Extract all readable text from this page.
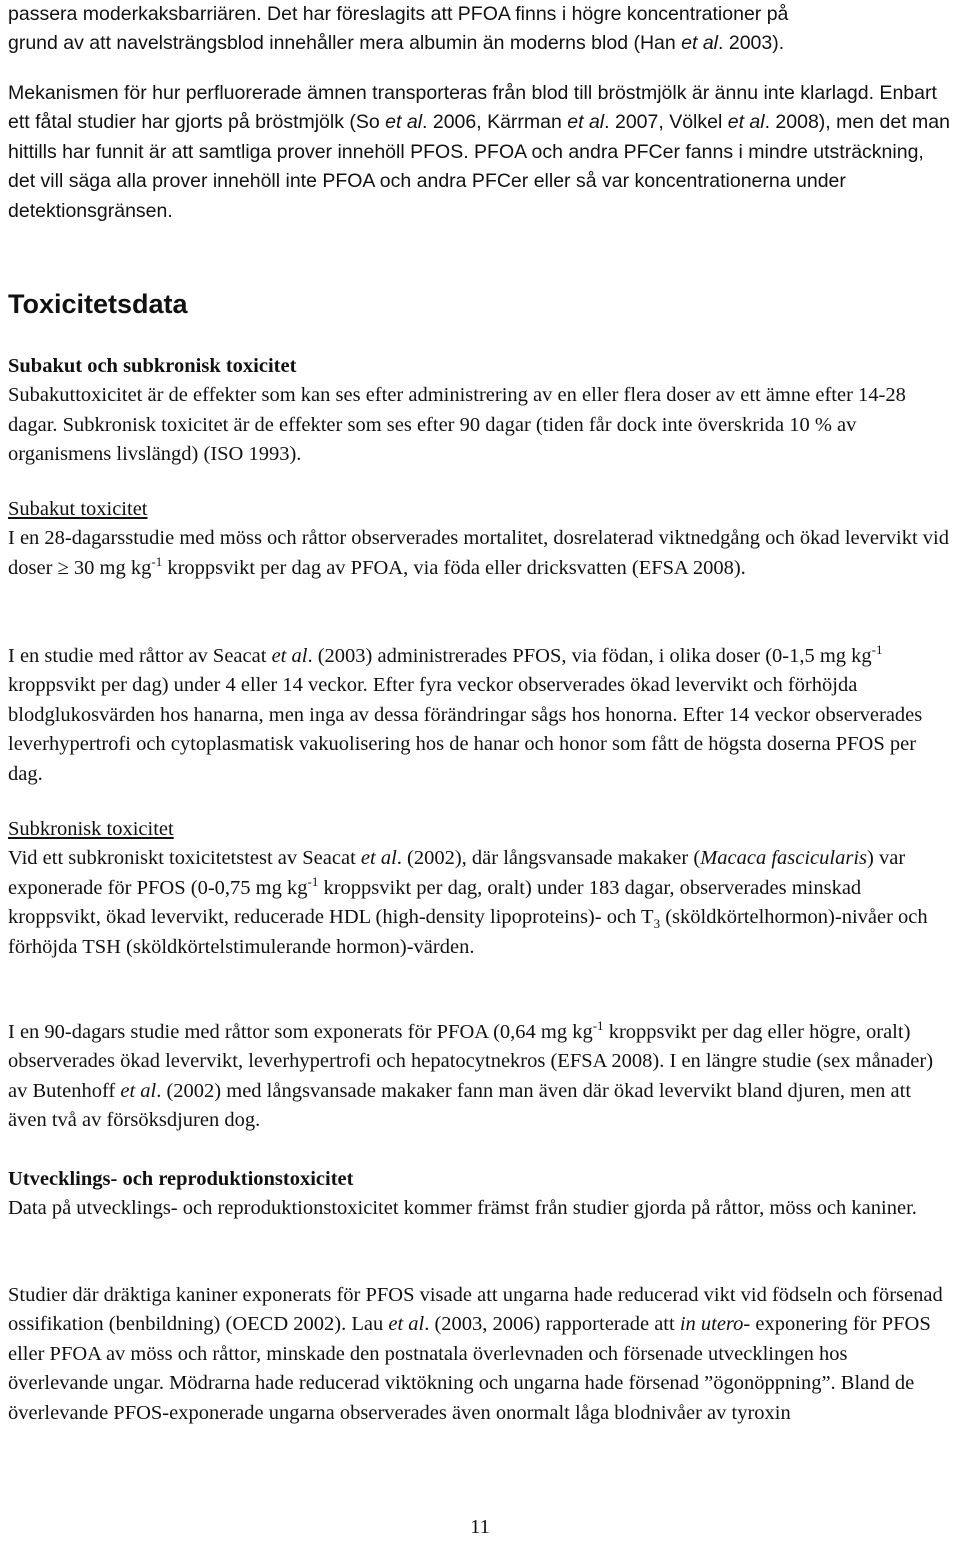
passera moderkaksbarriären. Det har föreslagits att PFOA finns i högre koncentrationer på
grund av att navelsträngsblod innehåller mera albumin än moderns blod (Han et al. 2003).

Mekanismen för hur perfluorerade ämnen transporteras från blod till bröstmjölk är ännu inte klarlagd. Enbart ett fåtal studier har gjorts på bröstmjölk (So et al. 2006, Kärrman et al. 2007, Völkel et al. 2008), men det man hittills har funnit är att samtliga prover innehöll PFOS. PFOA och andra PFCer fanns i mindre utsträckning, det vill säga alla prover innehöll inte PFOA och andra PFCer eller så var koncentrationerna under detektionsgränsen.

Toxicitetsdata

Subakut och subkronisk toxicitet
Subakuttoxicitet är de effekter som kan ses efter administrering av en eller flera doser av ett ämne efter 14-28 dagar. Subkronisk toxicitet är de effekter som ses efter 90 dagar (tiden får dock inte överskrida 10 % av organismens livslängd) (ISO 1993).

Subakut toxicitet
I en 28-dagarsstudie med möss och råttor observerades mortalitet, dosrelaterad viktnedgång och ökad levervikt vid doser ≥ 30 mg $kg^{-1}$ kroppsvikt per dag av PFOA, via föda eller dricksvatten (EFSA 2008).

I en studie med råttor av Seacat et al. (2003) administrerades PFOS, via födan, i olika doser (0-1,5 mg $kg^{-1}$ kroppsvikt per dag) under 4 eller 14 veckor. Efter fyra veckor observerades ökad levervikt och förhöjda blodglukosvärden hos hanarna, men inga av dessa förändringar sågs hos honorna. Efter 14 veckor observerades leverhypertrofi och cytoplasmatisk vakuolisering hos de hanar och honor som fått de högsta doserna PFOS per dag.

Subkronisk toxicitet
Vid ett subkroniskt toxicitetstest av Seacat et al. (2002), där långsvansade makaker (Macaca fascicularis) var exponerade för PFOS (0-0,75 mg $kg^{-1}$ kroppsvikt per dag, oralt) under 183 dagar, observerades minskad kroppsvikt, ökad levervikt, reducerade HDL (high-density lipoproteins)- och $T_3$ (sköldkörtelhormon)-nivåer och förhöjda TSH (sköldkörtelstimulerande hormon)-värden.

I en 90-dagars studie med råttor som exponerats för PFOA (0,64 mg $kg^{-1}$ kroppsvikt per dag eller högre, oralt) observerades ökad levervikt, leverhypertrofi och hepatocytnekros (EFSA 2008). I en längre studie (sex månader) av Butenhoff et al. (2002) med långsvansade makaker fann man även där ökad levervikt bland djuren, men att även två av försöksdjuren dog.

Utvecklings- och reproduktionstoxicitet
Data på utvecklings- och reproduktionstoxicitet kommer främst från studier gjorda på råttor, möss och kaniner.

Studier där dräktiga kaniner exponerats för PFOS visade att ungarna hade reducerad vikt vid födseln och försenad ossifikation (benbildning) (OECD 2002). Lau et al. (2003, 2006) rapporterade att in utero- exponering för PFOS eller PFOA av möss och råttor, minskade den postnatala överlevnaden och försenade utvecklingen hos överlevande ungar. Mödrarna hade reducerad viktökning och ungarna hade försenad ”ögonöppning”. Bland de överlevande PFOS-exponerade ungarna observerades även onormalt låga blodnivåer av tyroxin

11
